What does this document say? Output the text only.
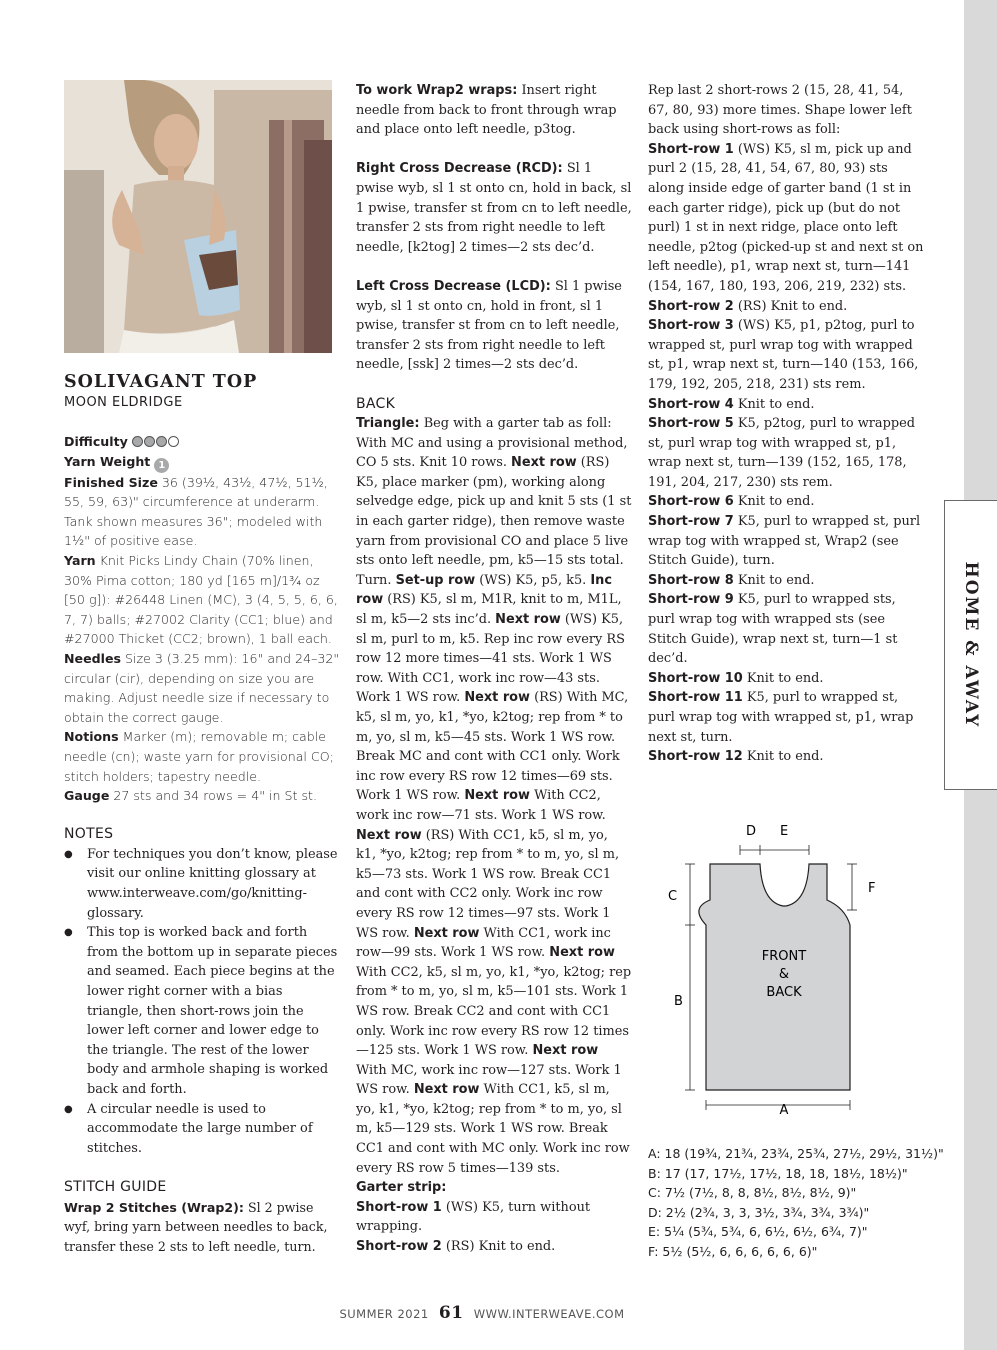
HOME & AWAY
SOLIVAGANT TOP
MOON ELDRIDGE

Difficulty

Yarn Weight 1

Finished Size 36 (39½, 43½, 47½, 51½, 55, 59, 63)" circumference at underarm. Tank shown measures 36"; modeled with 1½" of positive ease.

Yarn Knit Picks Lindy Chain (70% linen, 30% Pima cotton; 180 yd [165 m]/1¾ oz [50 g]): #26448 Linen (MC), 3 (4, 5, 5, 6, 6, 7, 7) balls; #27002 Clarity (CC1; blue) and #27000 Thicket (CC2; brown), 1 ball each.

Needles Size 3 (3.25 mm): 16" and 24–32" circular (cir), depending on size you are making. Adjust needle size if necessary to obtain the correct gauge.

Notions Marker (m); removable m; cable needle (cn); waste yarn for provisional CO; stitch holders; tapestry needle.

Gauge 27 sts and 34 rows = 4" in St st.

NOTES

● For techniques you don’t know, please visit our online knitting glossary at www.interweave.com/go/knitting-glossary.
● This top is worked back and forth from the bottom up in separate pieces and seamed. Each piece begins at the lower right corner with a bias triangle, then short-rows join the lower left corner and lower edge to the triangle. The rest of the lower body and armhole shaping is worked back and forth.
● A circular needle is used to accommodate the large number of stitches.

STITCH GUIDE

Wrap 2 Stitches (Wrap2): Sl 2 pwise wyf, bring yarn between needles to back, transfer these 2 sts to left needle, turn.

To work Wrap2 wraps: Insert right needle from back to front through wrap and place onto left needle, p3tog.

Right Cross Decrease (RCD): Sl 1 pwise wyb, sl 1 st onto cn, hold in back, sl 1 pwise, transfer st from cn to left needle, transfer 2 sts from right needle to left needle, [k2tog] 2 times—2 sts dec’d.

Left Cross Decrease (LCD): Sl 1 pwise wyb, sl 1 st onto cn, hold in front, sl 1 pwise, transfer st from cn to left needle, transfer 2 sts from right needle to left needle, [ssk] 2 times—2 sts dec’d.

BACK

Triangle: Beg with a garter tab as foll: With MC and using a provisional method, CO 5 sts. Knit 10 rows. Next row (RS) K5, place marker (pm), working along selvedge edge, pick up and knit 5 sts (1 st in each garter ridge), then remove waste yarn from provisional CO and place 5 live sts onto left needle, pm, k5—15 sts total. Turn. Set-up row (WS) K5, p5, k5. Inc row (RS) K5, sl m, M1R, knit to m, M1L, sl m, k5—2 sts inc’d. Next row (WS) K5, sl m, purl to m, k5. Rep inc row every RS row 12 more times—41 sts. Work 1 WS row. With CC1, work inc row—43 sts. Work 1 WS row. Next row (RS) With MC, k5, sl m, yo, k1, *yo, k2tog; rep from * to m, yo, sl m, k5—45 sts. Work 1 WS row. Break MC and cont with CC1 only. Work inc row every RS row 12 times—69 sts. Work 1 WS row. Next row With CC2, work inc row—71 sts. Work 1 WS row. Next row (RS) With CC1, k5, sl m, yo, k1, *yo, k2tog; rep from * to m, yo, sl m, k5—73 sts. Work 1 WS row. Break CC1 and cont with CC2 only. Work inc row every RS row 12 times—97 sts. Work 1 WS row. Next row With CC1, work inc row—99 sts. Work 1 WS row. Next row With CC2, k5, sl m, yo, k1, *yo, k2tog; rep from * to m, yo, sl m, k5—101 sts. Work 1 WS row. Break CC2 and cont with CC1 only. Work inc row every RS row 12 times—125 sts. Work 1 WS row. Next row With MC, work inc row—127 sts. Work 1 WS row. Next row With CC1, k5, sl m, yo, k1, *yo, k2tog; rep from * to m, yo, sl m, k5—129 sts. Work 1 WS row. Break CC1 and cont with MC only. Work inc row every RS row 5 times—139 sts.

Garter strip:

Short-row 1 (WS) K5, turn without wrapping.

Short-row 2 (RS) Knit to end.

Rep last 2 short-rows 2 (15, 28, 41, 54, 67, 80, 93) more times. Shape lower left back using short-rows as foll:

Short-row 1 (WS) K5, sl m, pick up and purl 2 (15, 28, 41, 54, 67, 80, 93) sts along inside edge of garter band (1 st in each garter ridge), pick up (but do not purl) 1 st in next ridge, place onto left needle, p2tog (picked-up st and next st on left needle), p1, wrap next st, turn—141 (154, 167, 180, 193, 206, 219, 232) sts.

Short-row 2 (RS) Knit to end.

Short-row 3 (WS) K5, p1, p2tog, purl to wrapped st, purl wrap tog with wrapped st, p1, wrap next st, turn—140 (153, 166, 179, 192, 205, 218, 231) sts rem.

Short-row 4 Knit to end.

Short-row 5 K5, p2tog, purl to wrapped st, purl wrap tog with wrapped st, p1, wrap next st, turn—139 (152, 165, 178, 191, 204, 217, 230) sts rem.

Short-row 6 Knit to end.

Short-row 7 K5, purl to wrapped st, purl wrap tog with wrapped st, Wrap2 (see Stitch Guide), turn.

Short-row 8 Knit to end.

Short-row 9 K5, purl to wrapped sts, purl wrap tog with wrapped sts (see Stitch Guide), wrap next st, turn—1 st dec’d.

Short-row 10 Knit to end.

Short-row 11 K5, purl to wrapped st, purl wrap tog with wrapped st, p1, wrap next st, turn.

Short-row 12 Knit to end.

FRONT
&
BACK
A
B
C
D E
F
A: 18 (19¾, 21¾, 23¾, 25¾, 27½, 29½, 31½)"
B: 17 (17, 17½, 17½, 18, 18, 18½, 18½)"
C: 7½ (7½, 8, 8, 8½, 8½, 8½, 9)"
D: 2½ (2¾, 3, 3, 3½, 3¾, 3¾, 3¾)"
E: 5¼ (5¾, 5¾, 6, 6½, 6½, 6¾, 7)"
F: 5½ (5½, 6, 6, 6, 6, 6, 6)"
SUMMER 2021 61 WWW.INTERWEAVE.COM
